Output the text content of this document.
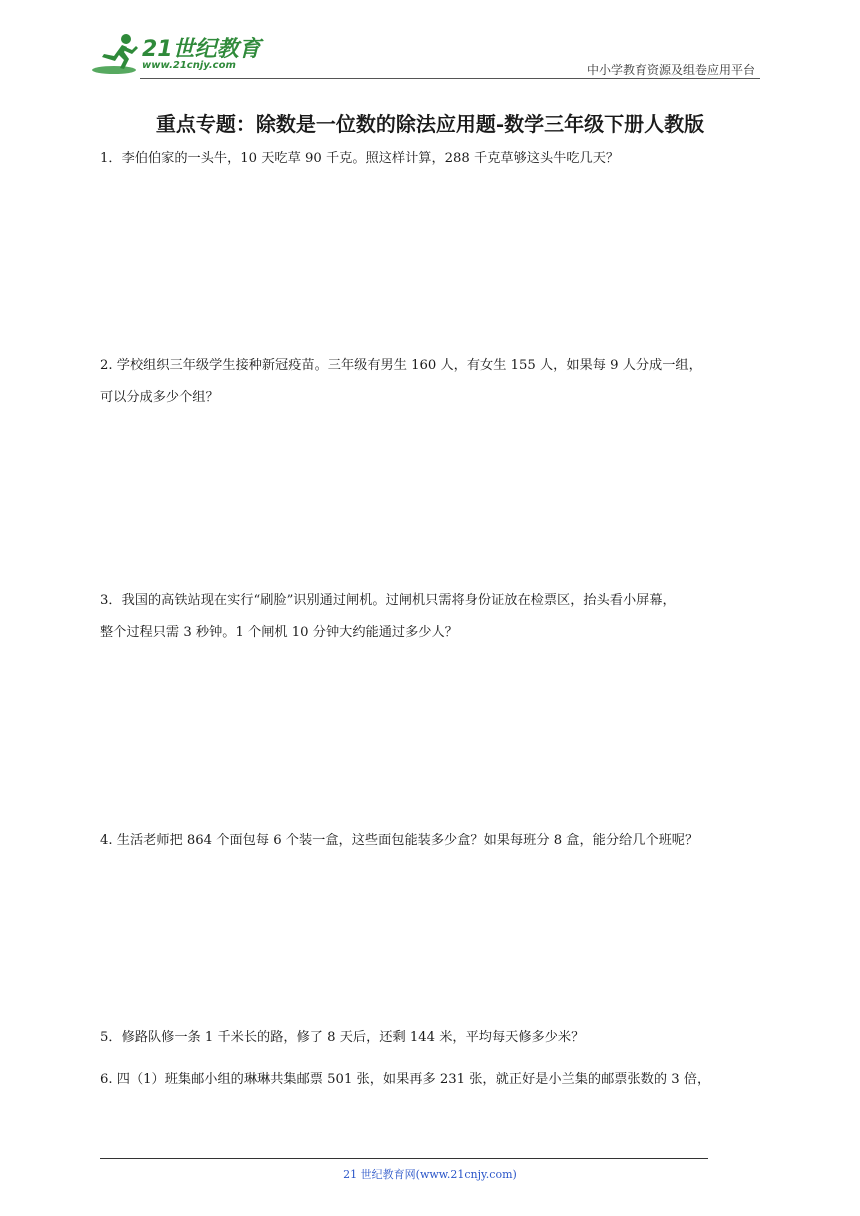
21世纪教育
www.21cnjy.com	中小学教育资源及组卷应用平台
重点专题：除数是一位数的除法应用题-数学三年级下册人教版
1．李伯伯家的一头牛，10 天吃草 90 千克。照这样计算，288 千克草够这头牛吃几天？
2. 学校组织三年级学生接种新冠疫苗。三年级有男生 160 人，有女生 155 人，如果每 9 人分成一组，
可以分成多少个组？
3．我国的高铁站现在实行“刷脸”识别通过闸机。过闸机只需将身份证放在检票区，抬头看小屏幕，
整个过程只需 3 秒钟。1 个闸机 10 分钟大约能通过多少人？
4. 生活老师把 864 个面包每 6 个装一盒，这些面包能装多少盒？如果每班分 8 盒，能分给几个班呢？
5．修路队修一条 1 千米长的路，修了 8 天后，还剩 144 米，平均每天修多少米？
6. 四（1）班集邮小组的琳琳共集邮票 501 张，如果再多 231 张，就正好是小兰集的邮票张数的 3 倍，
21 世纪教育网(www.21cnjy.com)
